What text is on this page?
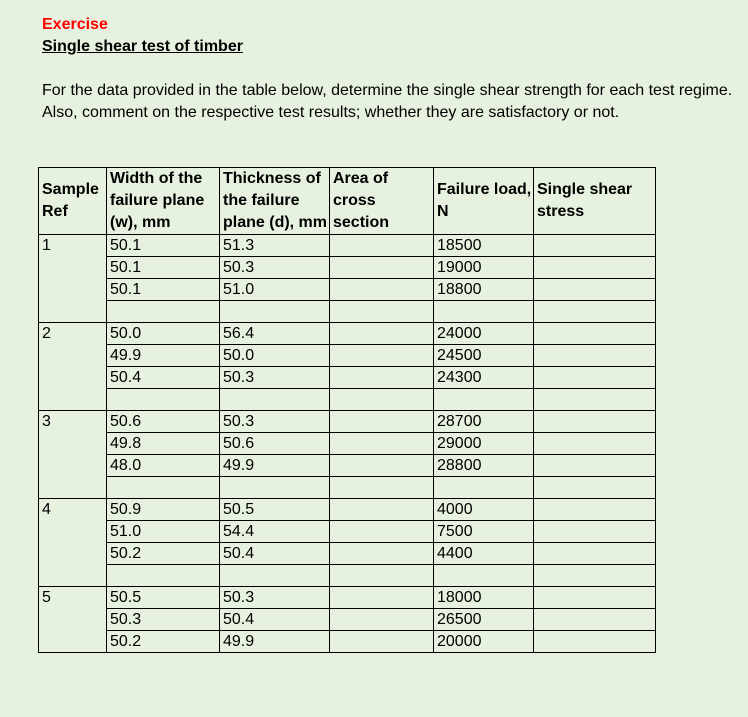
Exercise
Single shear test of timber
For the data provided in the table below, determine the single shear strength for each test regime.
Also, comment on the respective test results; whether they are satisfactory or not.
Sample Ref	Width of the failure plane (w), mm	Thickness of the failure plane (d), mm	Area of cross section	Failure load, N	Single shear stress
1	50.1	51.3		18500	
	50.1	50.3		19000	
	50.1	51.0		18800	

2	50.0	56.4		24000	
	49.9	50.0		24500	
	50.4	50.3		24300	

3	50.6	50.3		28700	
	49.8	50.6		29000	
	48.0	49.9		28800	

4	50.9	50.5		4000	
	51.0	54.4		7500	
	50.2	50.4		4400	

5	50.5	50.3		18000	
	50.3	50.4		26500	
	50.2	49.9		20000	
